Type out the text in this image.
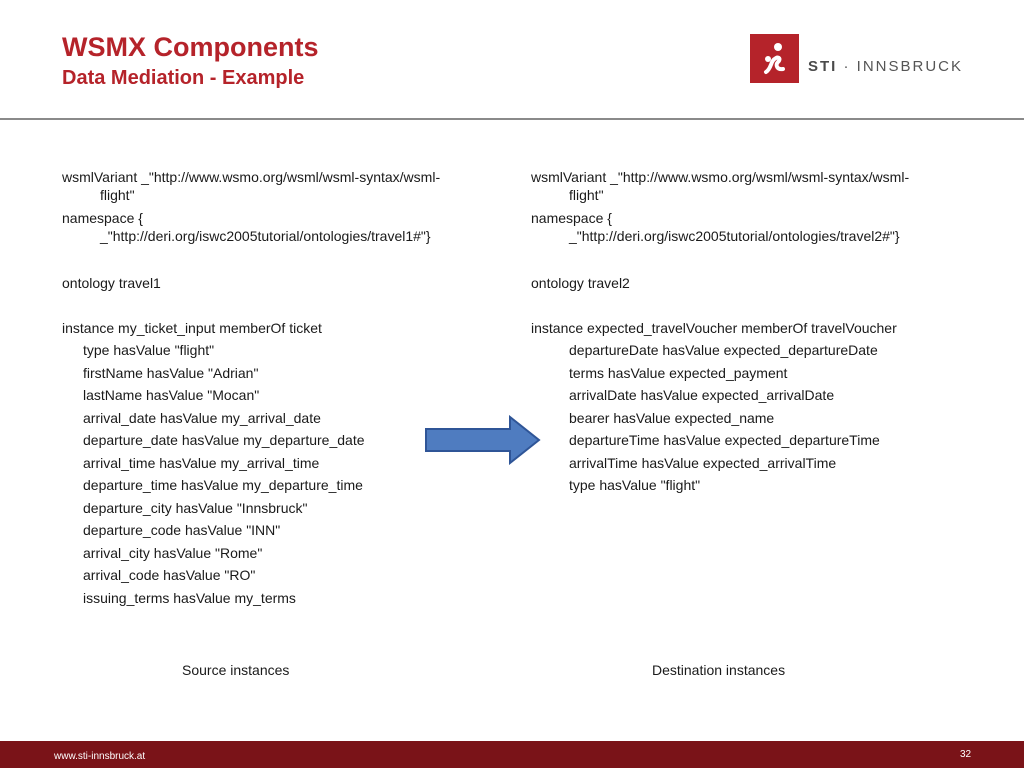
WSMX Components
Data Mediation - Example
STI · INNSBRUCK
wsmlVariant _"http://www.wsmo.org/wsml/wsml-syntax/wsml-
flight"
namespace {
_"http://deri.org/iswc2005tutorial/ontologies/travel1#"}
ontology travel1
instance my_ticket_input memberOf ticket
type hasValue "flight"
firstName hasValue "Adrian"
lastName hasValue "Mocan"
arrival_date hasValue my_arrival_date
departure_date hasValue my_departure_date
arrival_time hasValue my_arrival_time
departure_time hasValue my_departure_time
departure_city hasValue "Innsbruck"
departure_code hasValue "INN"
arrival_city hasValue "Rome"
arrival_code hasValue "RO"
issuing_terms hasValue my_terms
wsmlVariant _"http://www.wsmo.org/wsml/wsml-syntax/wsml-
flight"
namespace {
_"http://deri.org/iswc2005tutorial/ontologies/travel2#"}
ontology travel2
instance expected_travelVoucher memberOf travelVoucher
departureDate hasValue expected_departureDate
terms hasValue expected_payment
arrivalDate hasValue expected_arrivalDate
bearer hasValue expected_name
departureTime hasValue expected_departureTime
arrivalTime hasValue expected_arrivalTime
type hasValue "flight"
Source instances	Destination instances
www.sti-innsbruck.at	32
